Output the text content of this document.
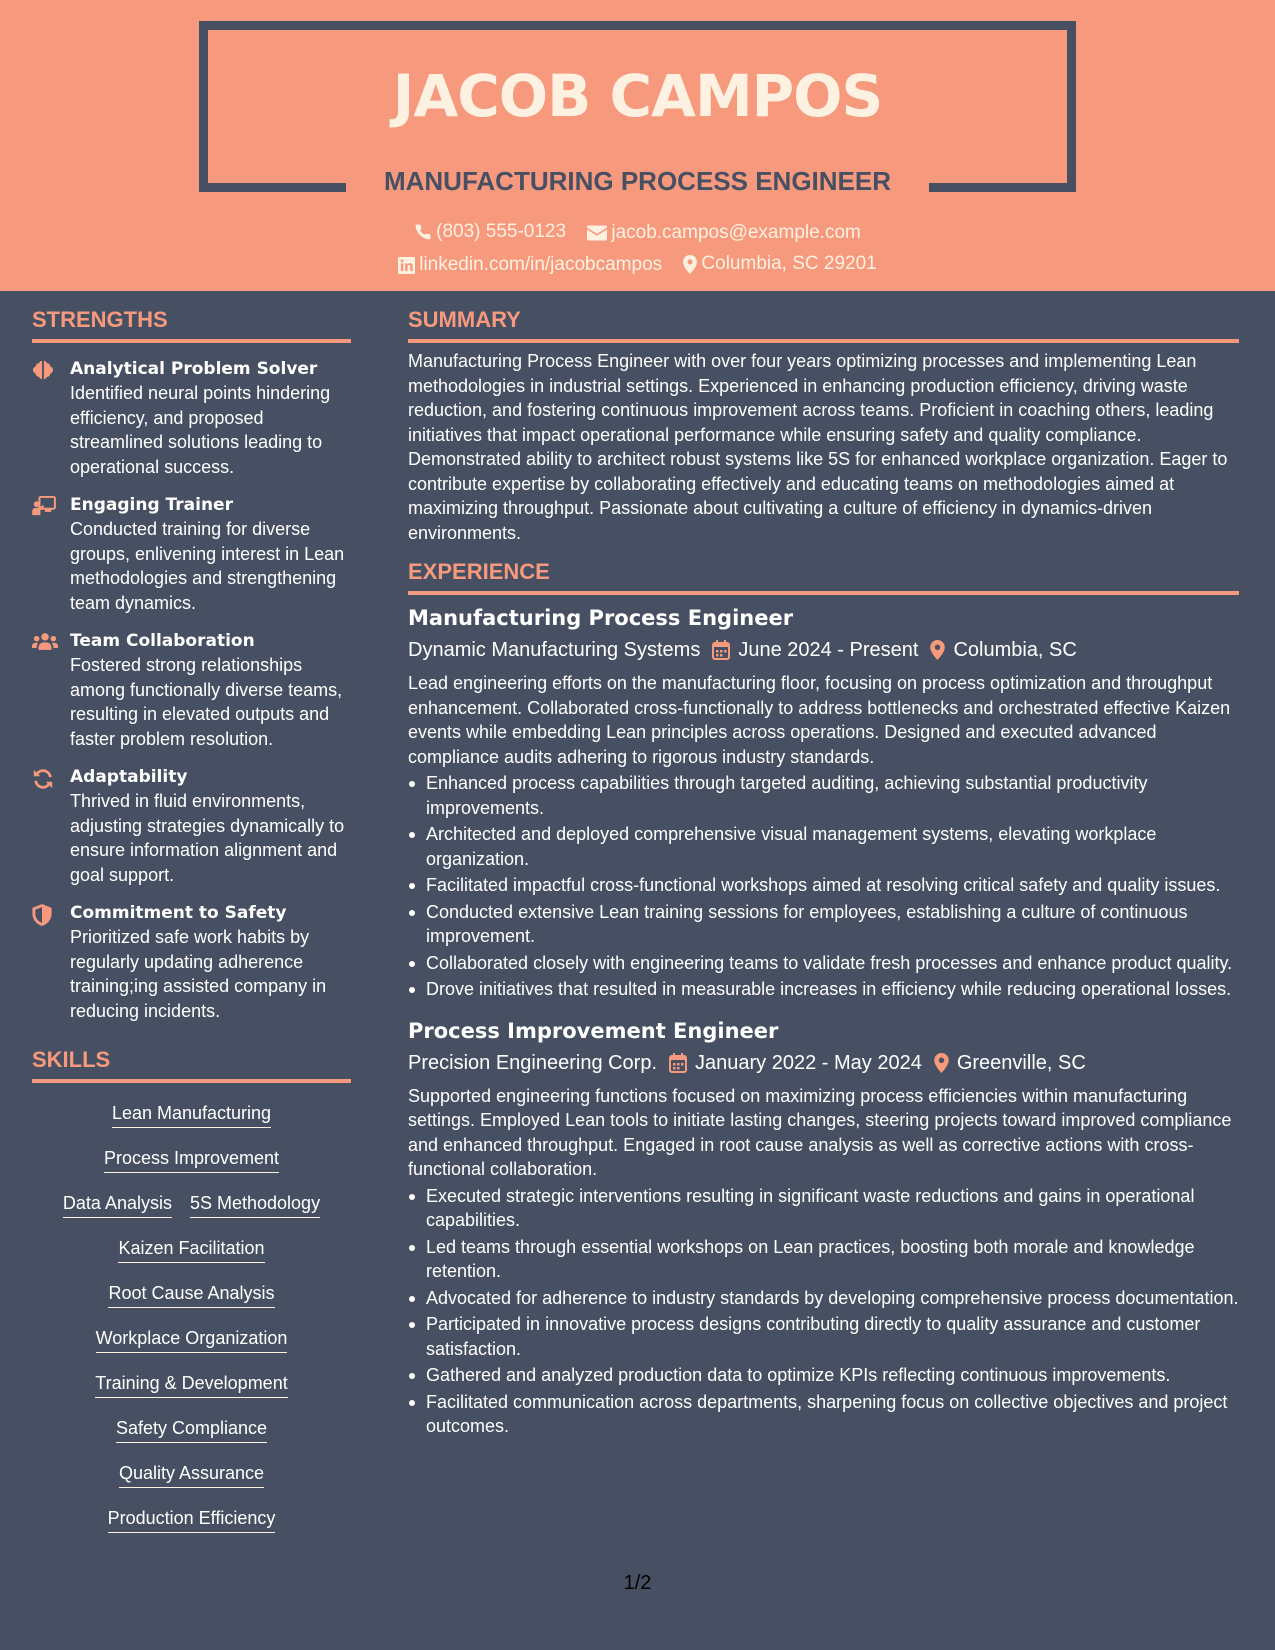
JACOB CAMPOS
MANUFACTURING PROCESS ENGINEER
(803) 555-0123
jacob.campos@example.com
linkedin.com/in/jacobcampos
Columbia, SC 29201
STRENGTHS
Analytical Problem Solver
Identified neural points hindering efficiency, and proposed streamlined solutions leading to operational success.
Engaging Trainer
Conducted training for diverse groups, enlivening interest in Lean methodologies and strengthening team dynamics.
Team Collaboration
Fostered strong relationships among functionally diverse teams, resulting in elevated outputs and faster problem resolution.
Adaptability
Thrived in fluid environments, adjusting strategies dynamically to ensure information alignment and goal support.
Commitment to Safety
Prioritized safe work habits by regularly updating adherence training;ing assisted company in reducing incidents.
SKILLS
Lean Manufacturing
Process Improvement
Data Analysis 5S Methodology
Kaizen Facilitation
Root Cause Analysis
Workplace Organization
Training & Development
Safety Compliance
Quality Assurance
Production Efficiency
SUMMARY
Manufacturing Process Engineer with over four years optimizing processes and implementing Lean methodologies in industrial settings. Experienced in enhancing production efficiency, driving waste reduction, and fostering continuous improvement across teams. Proficient in coaching others, leading initiatives that impact operational performance while ensuring safety and quality compliance. Demonstrated ability to architect robust systems like 5S for enhanced workplace organization. Eager to contribute expertise by collaborating effectively and educating teams on methodologies aimed at maximizing throughput. Passionate about cultivating a culture of efficiency in dynamics-driven environments.
EXPERIENCE
Manufacturing Process Engineer
Dynamic Manufacturing Systems June 2024 - Present Columbia, SC
Lead engineering efforts on the manufacturing floor, focusing on process optimization and throughput enhancement. Collaborated cross-functionally to address bottlenecks and orchestrated effective Kaizen events while embedding Lean principles across operations. Designed and executed advanced compliance audits adhering to rigorous industry standards.
Enhanced process capabilities through targeted auditing, achieving substantial productivity improvements.
Architected and deployed comprehensive visual management systems, elevating workplace organization.
Facilitated impactful cross-functional workshops aimed at resolving critical safety and quality issues.
Conducted extensive Lean training sessions for employees, establishing a culture of continuous improvement.
Collaborated closely with engineering teams to validate fresh processes and enhance product quality.
Drove initiatives that resulted in measurable increases in efficiency while reducing operational losses.
Process Improvement Engineer
Precision Engineering Corp. January 2022 - May 2024 Greenville, SC
Supported engineering functions focused on maximizing process efficiencies within manufacturing settings. Employed Lean tools to initiate lasting changes, steering projects toward improved compliance and enhanced throughput. Engaged in root cause analysis as well as corrective actions with cross-functional collaboration.
Executed strategic interventions resulting in significant waste reductions and gains in operational capabilities.
Led teams through essential workshops on Lean practices, boosting both morale and knowledge retention.
Advocated for adherence to industry standards by developing comprehensive process documentation.
Participated in innovative process designs contributing directly to quality assurance and customer satisfaction.
Gathered and analyzed production data to optimize KPIs reflecting continuous improvements.
Facilitated communication across departments, sharpening focus on collective objectives and project outcomes.
1/2
